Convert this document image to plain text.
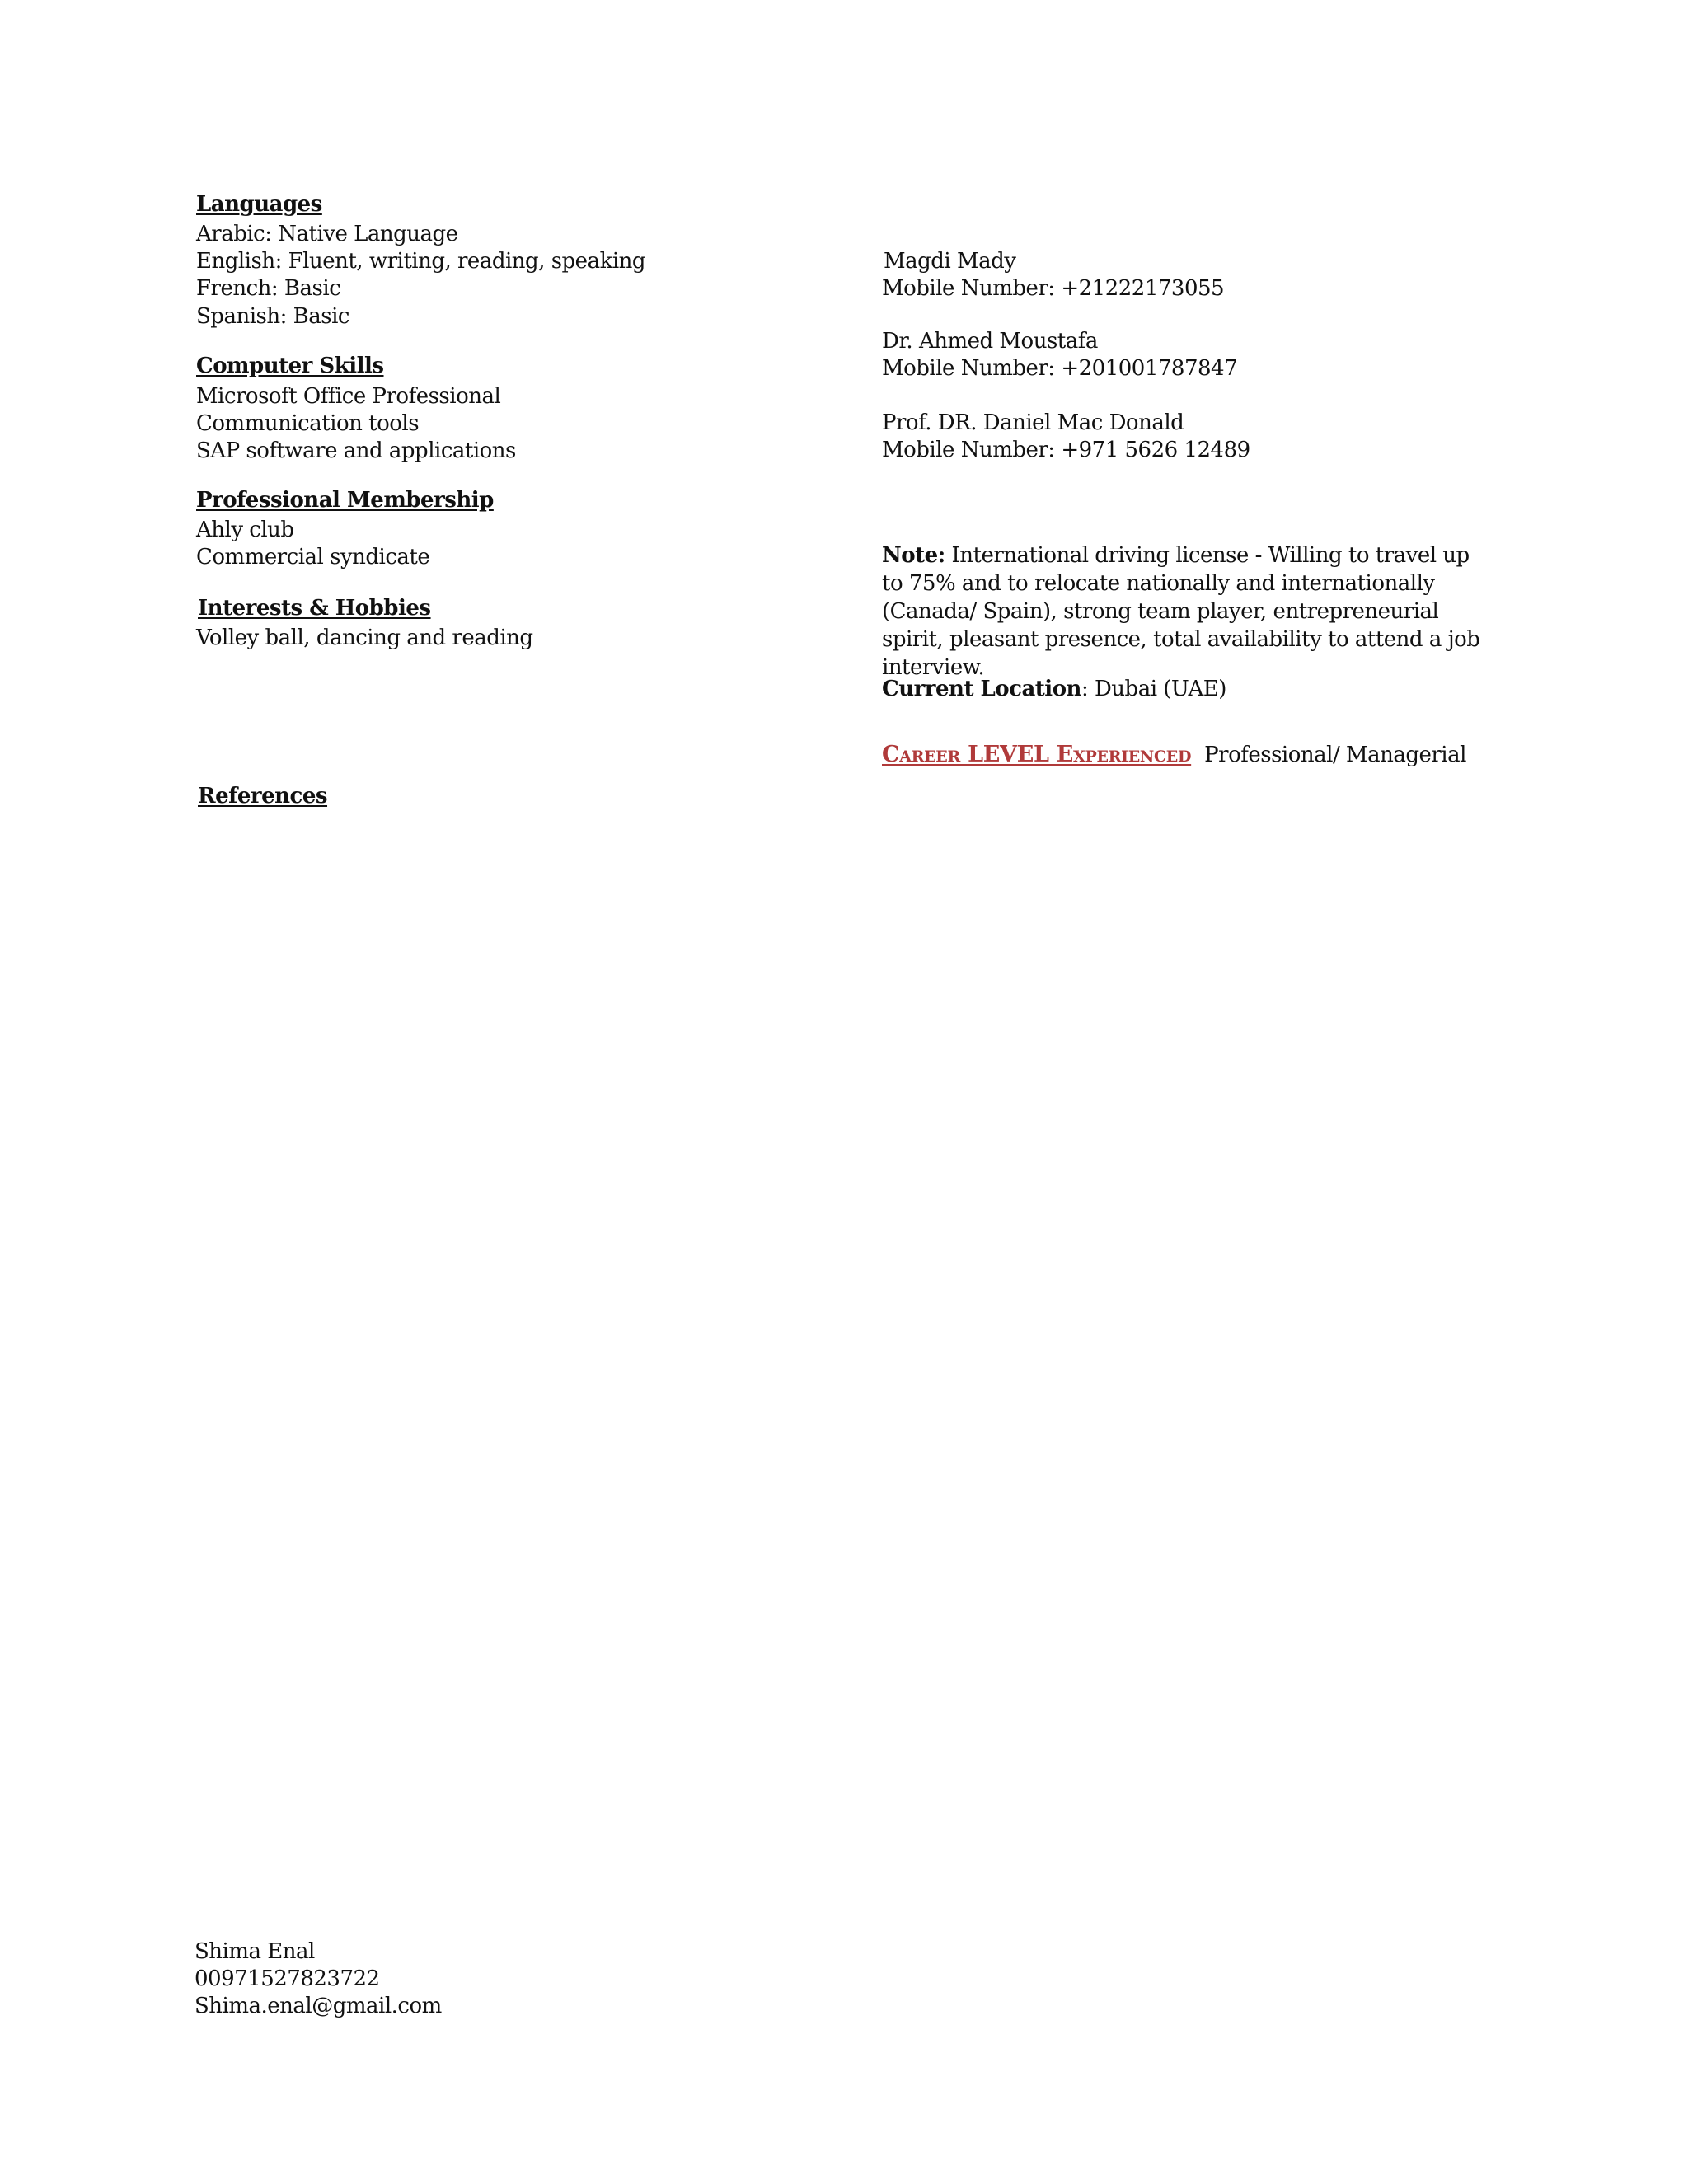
Languages
Arabic: Native Language
English: Fluent, writing, reading, speaking
French: Basic
Spanish: Basic
Computer Skills
Microsoft Office Professional
Communication tools
SAP software and applications
Professional Membership
Ahly club
Commercial syndicate
Interests & Hobbies
Volley ball, dancing and reading
References
Magdi Mady
Mobile Number: +21222173055
Dr. Ahmed Moustafa
Mobile Number: +201001787847
Prof. DR. Daniel Mac Donald
Mobile Number: +971 5626 12489
Note: International driving license - Willing to travel up to 75% and to relocate nationally and internationally (Canada/ Spain), strong team player, entrepreneurial spirit, pleasant presence, total availability to attend a job interview.
Current Location: Dubai (UAE)
Career LEVEL Experienced Professional/ Managerial
Shima Enal
00971527823722
Shima.enal@gmail.com
